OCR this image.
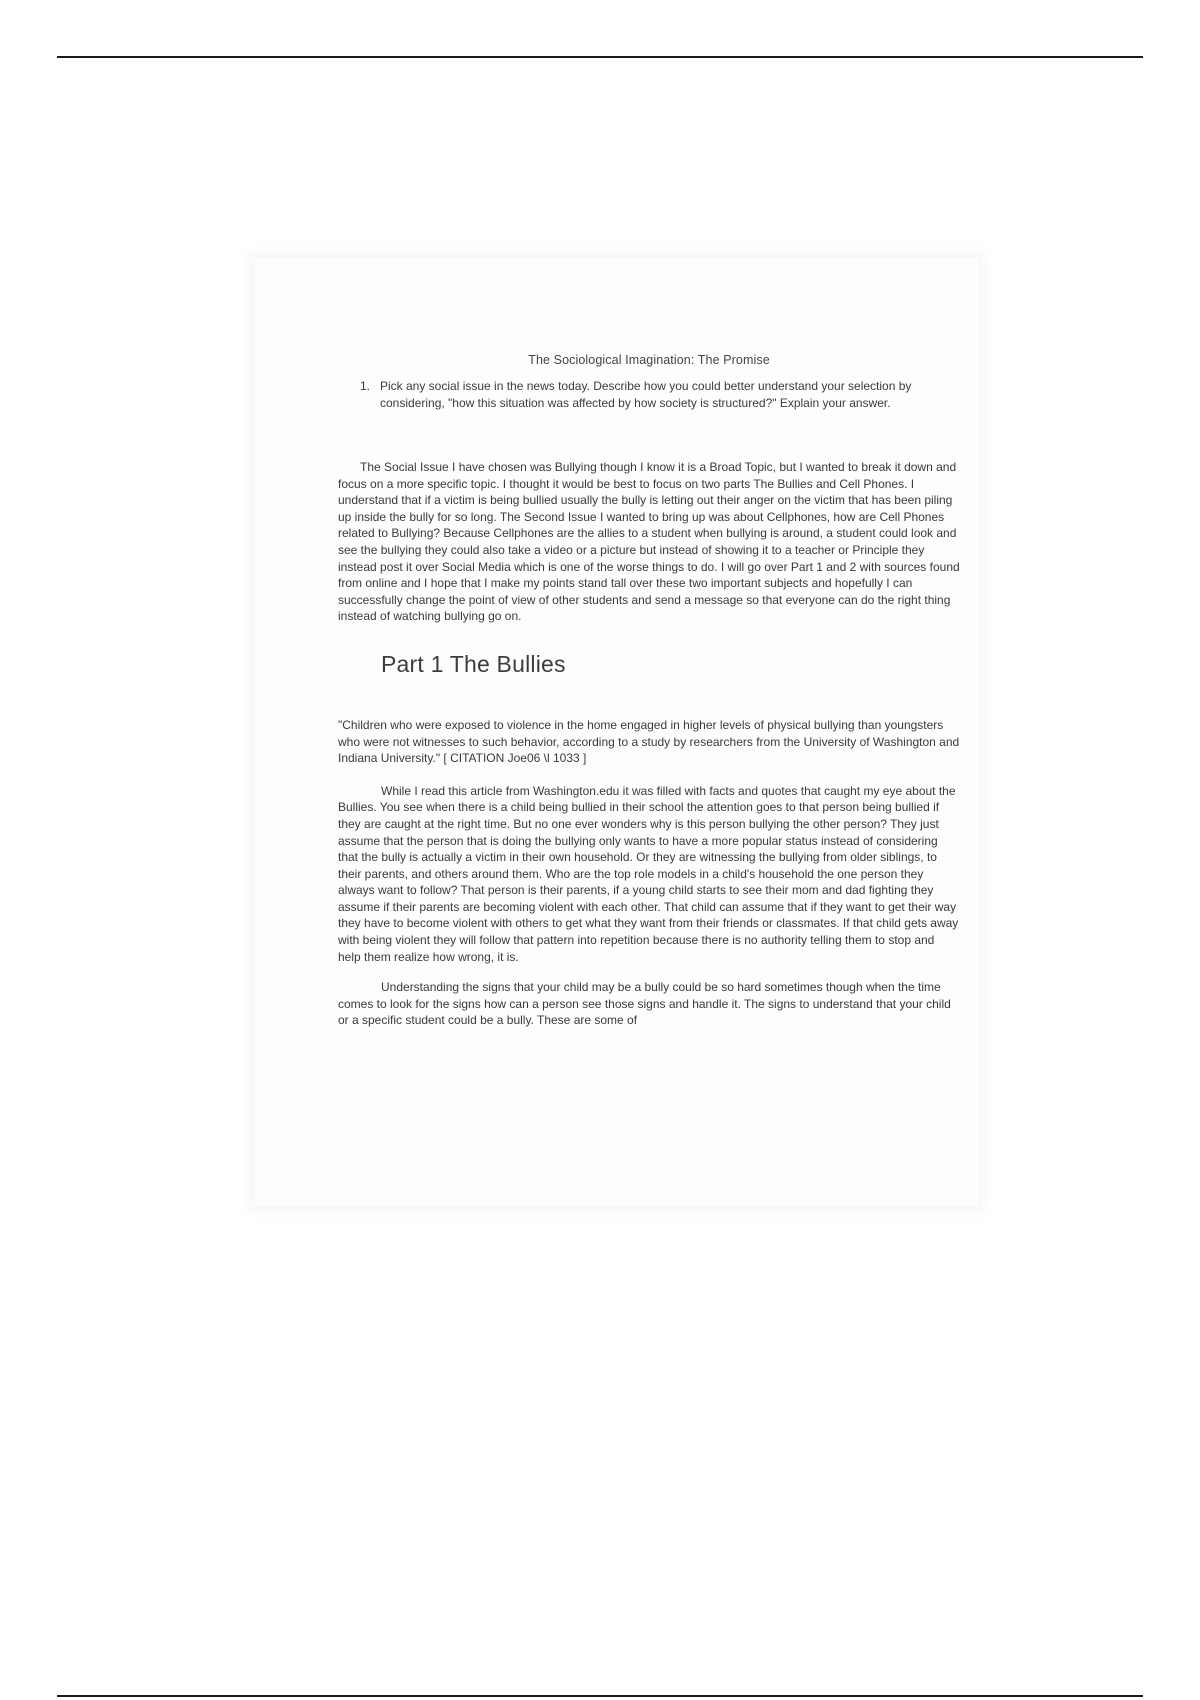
The Sociological Imagination: The Promise
1. Pick any social issue in the news today. Describe how you could better understand your selection by considering, "how this situation was affected by how society is structured?" Explain your answer.

The Social Issue I have chosen was Bullying though I know it is a Broad Topic, but I wanted to break it down and focus on a more specific topic. I thought it would be best to focus on two parts The Bullies and Cell Phones. I understand that if a victim is being bullied usually the bully is letting out their anger on the victim that has been piling up inside the bully for so long. The Second Issue I wanted to bring up was about Cellphones, how are Cell Phones related to Bullying? Because Cellphones are the allies to a student when bullying is around, a student could look and see the bullying they could also take a video or a picture but instead of showing it to a teacher or Principle they instead post it over Social Media which is one of the worse things to do. I will go over Part 1 and 2 with sources found from online and I hope that I make my points stand tall over these two important subjects and hopefully I can successfully change the point of view of other students and send a message so that everyone can do the right thing instead of watching bullying go on.

Part 1 The Bullies

"Children who were exposed to violence in the home engaged in higher levels of physical bullying than youngsters who were not witnesses to such behavior, according to a study by researchers from the University of Washington and Indiana University." [ CITATION Joe06 \l 1033 ]

While I read this article from Washington.edu it was filled with facts and quotes that caught my eye about the Bullies. You see when there is a child being bullied in their school the attention goes to that person being bullied if they are caught at the right time. But no one ever wonders why is this person bullying the other person? They just assume that the person that is doing the bullying only wants to have a more popular status instead of considering that the bully is actually a victim in their own household. Or they are witnessing the bullying from older siblings, to their parents, and others around them. Who are the top role models in a child's household the one person they always want to follow? That person is their parents, if a young child starts to see their mom and dad fighting they assume if their parents are becoming violent with each other. That child can assume that if they want to get their way they have to become violent with others to get what they want from their friends or classmates. If that child gets away with being violent they will follow that pattern into repetition because there is no authority telling them to stop and help them realize how wrong, it is.

Understanding the signs that your child may be a bully could be so hard sometimes though when the time comes to look for the signs how can a person see those signs and handle it. The signs to understand that your child or a specific student could be a bully. These are some of
